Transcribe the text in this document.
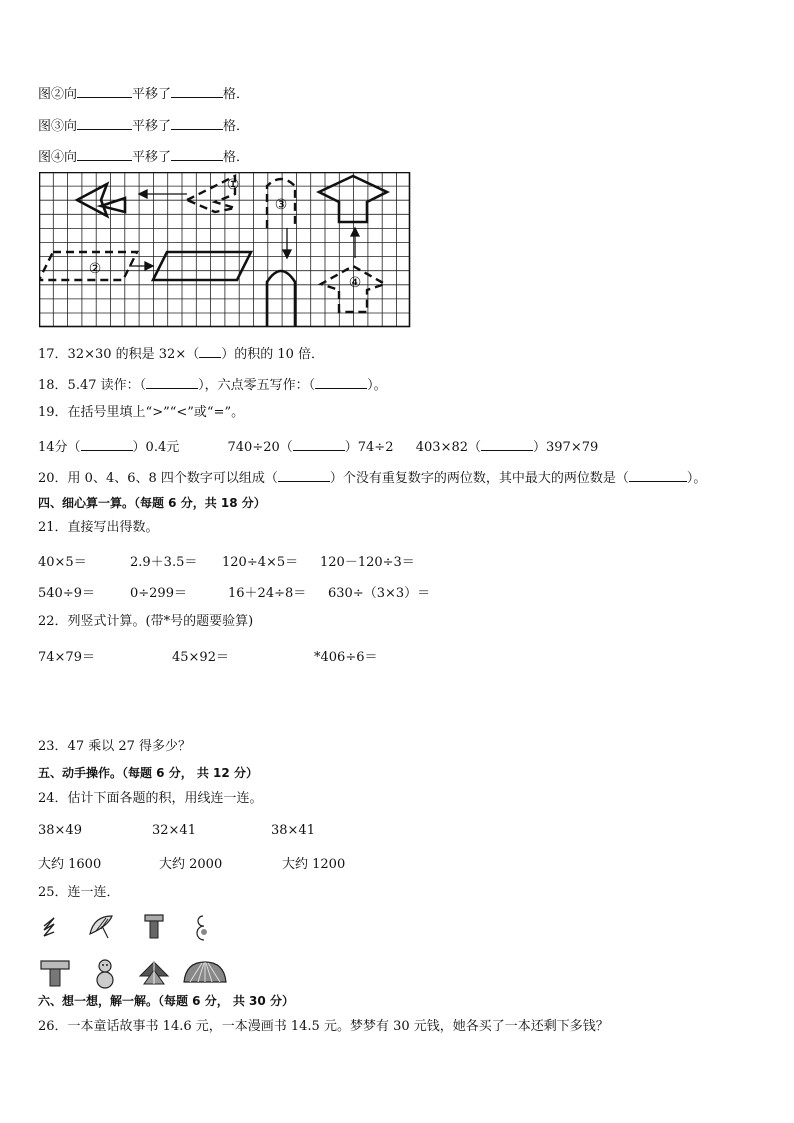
图②向	平移了	格．
图③向	平移了	格．
图④向	平移了	格．
①
②
③
④
17．32×30 的积是 32×（ ）的积的 10 倍．
18．5.47 读作：（	），六点零五写作：（	）。
19．在括号里填上“>”“<”或“=”。
14分（	）0.4元	740÷20（	）74÷2 403×82（	）397×79
20．用 0、4、6、8 四个数字可以组成（	）个没有重复数字的两位数，其中最大的两位数是（	）。
四、细心算一算。（每题 6 分，共 18 分）
21．直接写出得数。
40×5＝	2.9＋3.5＝ 120÷4×5＝ 120－120÷3＝
540÷9＝	0÷299＝	16＋24÷8＝ 630÷（3×3）＝
22．列竖式计算。(带*号的题要验算)
74×79＝	45×92＝	*406÷6＝
23．47 乘以 27 得多少？
五、动手操作。（每题 6 分， 共 12 分）
24．估计下面各题的积，用线连一连。
38×49	32×41	38×41
大约 1600	大约 2000	大约 1200
25．连一连．
六、想一想，解一解。（每题 6 分， 共 30 分）
26．一本童话故事书 14.6 元，一本漫画书 14.5 元。梦梦有 30 元钱，她各买了一本还剩下多钱？
